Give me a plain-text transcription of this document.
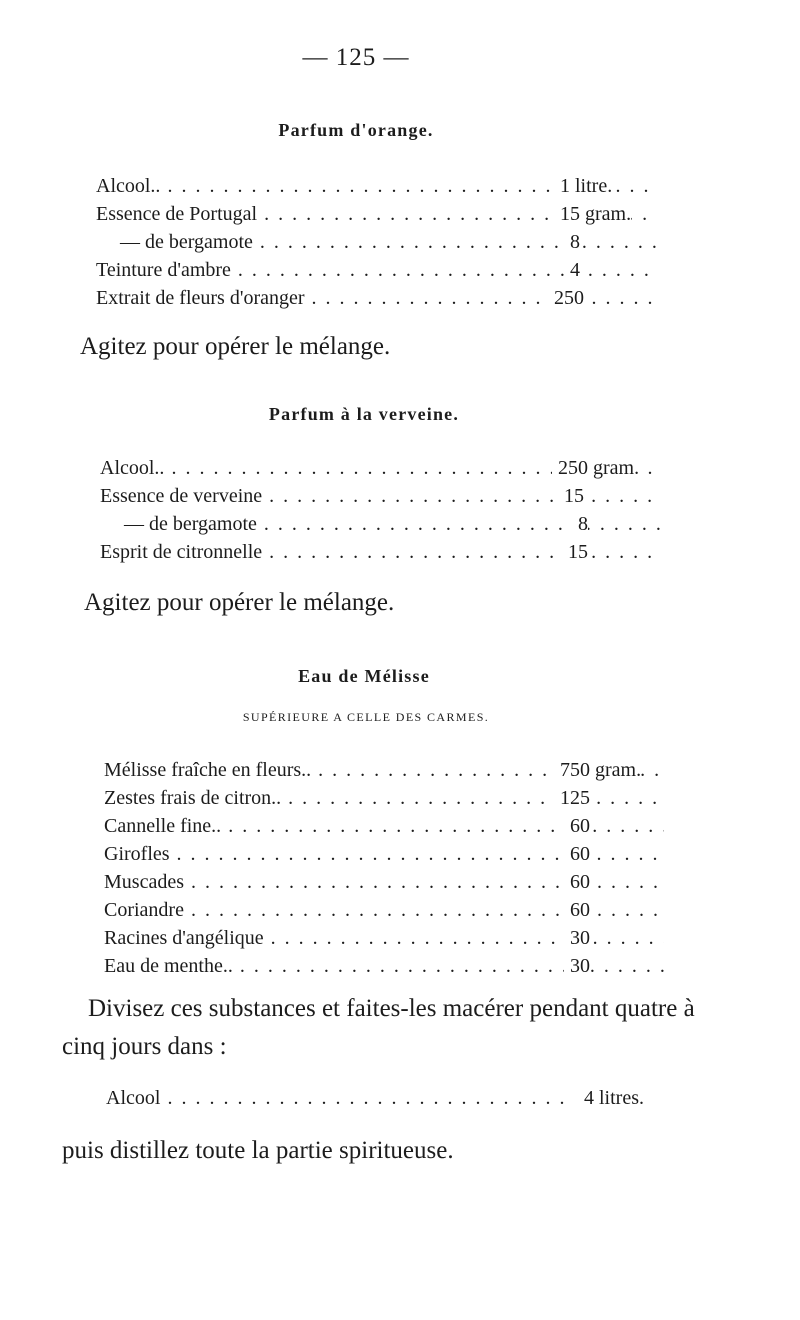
— 125 —
Parfum d'orange.
Alcool.. . . .	1 litre.
Essence de Portugal . . .	15 gram.
— de bergamote . . .	8
Teinture d'ambre . . .	4
Extrait de fleurs d'oranger . . .	250
Agitez pour opérer le mélange.
Parfum à la verveine.
Alcool.. . . .	250 gram.
Essence de verveine . . .	15
— de bergamote . . .	8
Esprit de citronnelle . . .	15
Agitez pour opérer le mélange.
Eau de Mélisse
SUPÉRIEURE A CELLE DES CARMES.
Mélisse fraîche en fleurs.. . . .	750 gram.
Zestes frais de citron.. . . .	125
Cannelle fine.. . . .	60
Girofles . . .	60
Muscades . . .	60
Coriandre . . .	60
Racines d'angélique . . .	30
Eau de menthe.. . . .	30
Divisez ces substances et faites-les macérer pendant quatre à cinq jours dans :
Alcool . . .	4 litres.
puis distillez toute la partie spiritueuse.
